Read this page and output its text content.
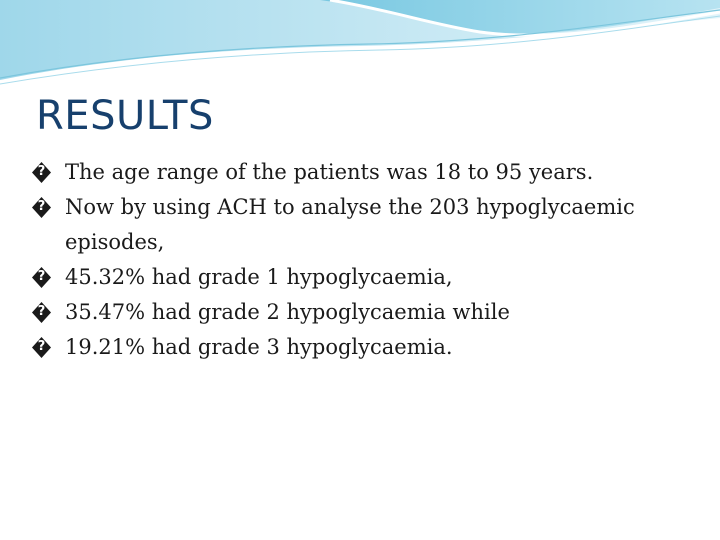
RESULTS
?
The age range of the patients was 18 to 95 years.
?
Now by using ACH to analyse the 203 hypoglycaemic episodes,
?
45.32% had grade 1 hypoglycaemia,
?
35.47% had grade 2 hypoglycaemia while
?
19.21% had grade 3 hypoglycaemia.
